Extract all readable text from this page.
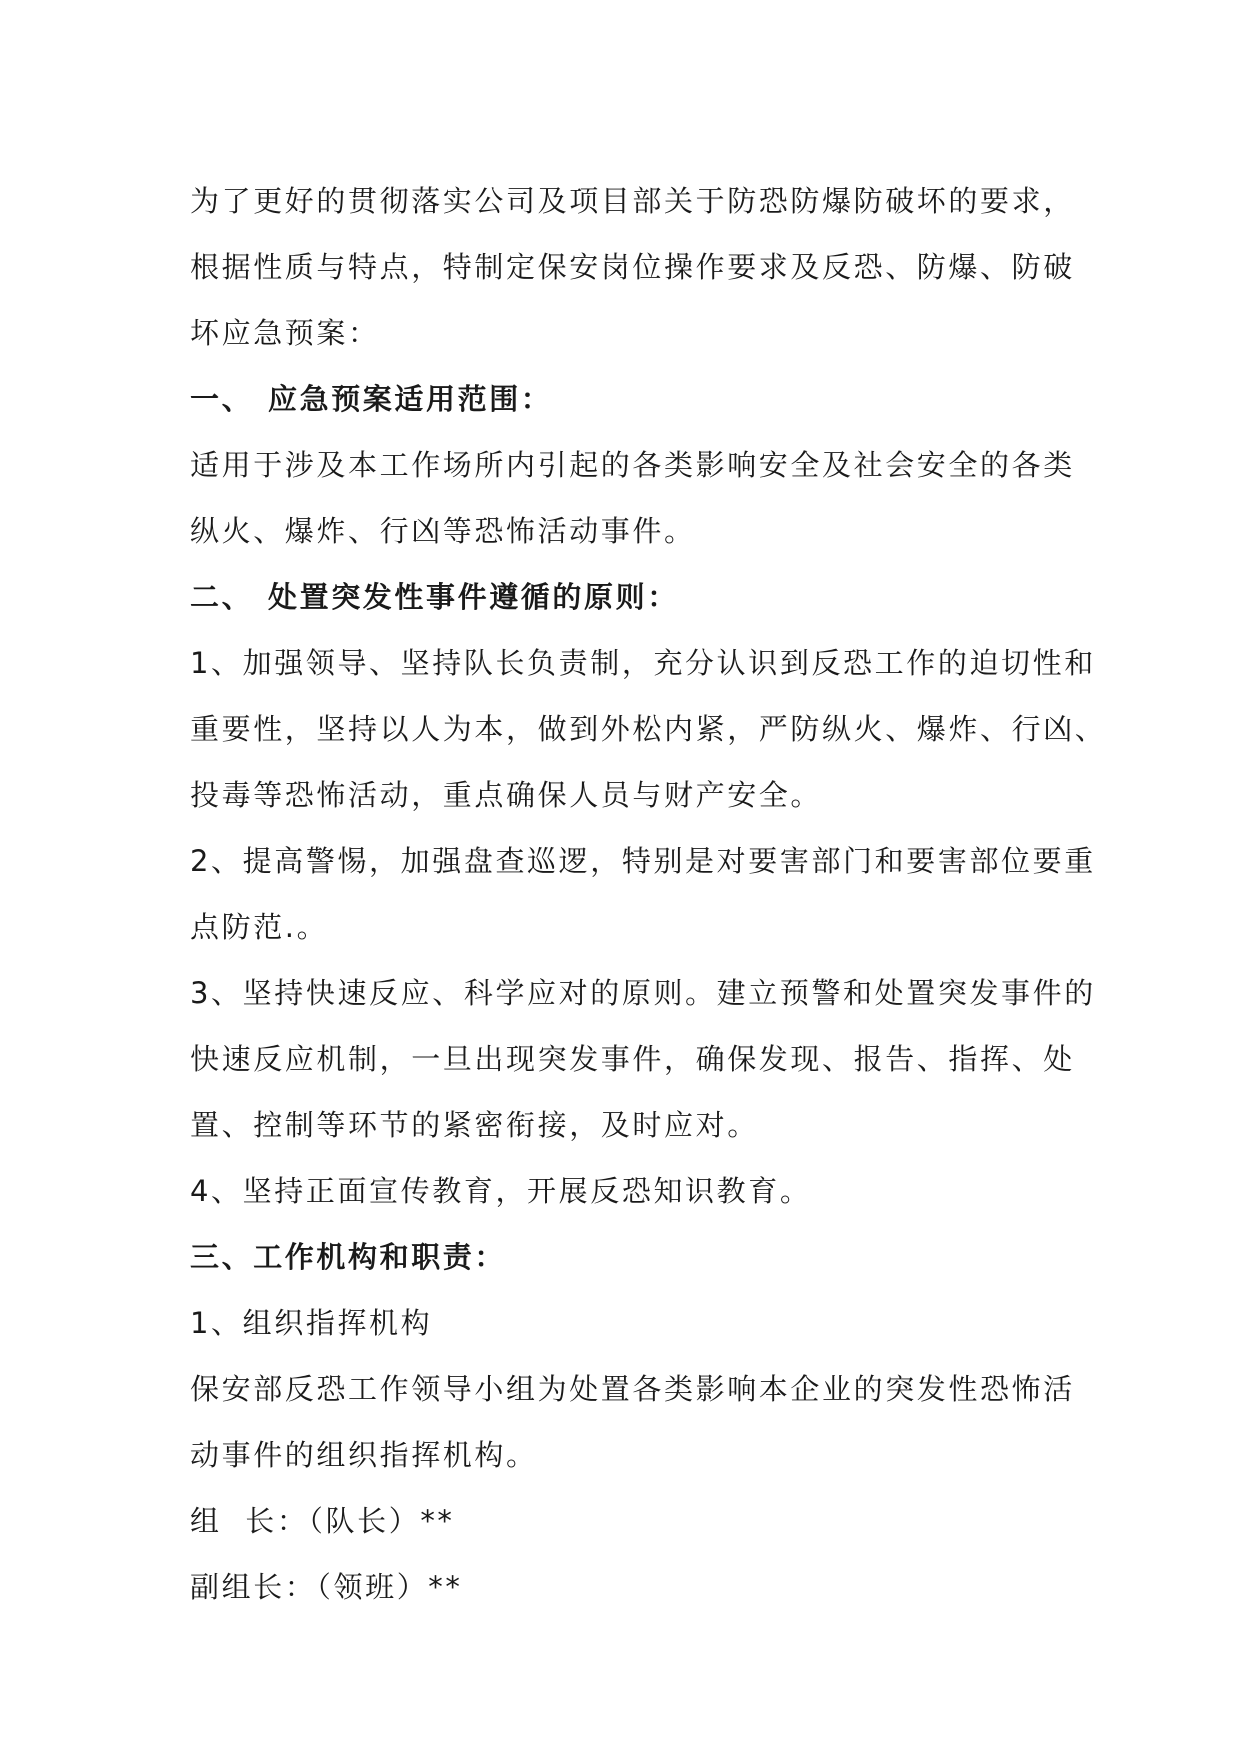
为了更好的贯彻落实公司及项目部关于防恐防爆防破坏的要求，
根据性质与特点，特制定保安岗位操作要求及反恐、防爆、防破
坏应急预案：
一、 应急预案适用范围：
适用于涉及本工作场所内引起的各类影响安全及社会安全的各类
纵火、爆炸、行凶等恐怖活动事件。
二、 处置突发性事件遵循的原则：
1、加强领导、坚持队长负责制，充分认识到反恐工作的迫切性和
重要性，坚持以人为本，做到外松内紧，严防纵火、爆炸、行凶、
投毒等恐怖活动，重点确保人员与财产安全。
2、提高警惕，加强盘查巡逻，特别是对要害部门和要害部位要重
点防范.。
3、坚持快速反应、科学应对的原则。建立预警和处置突发事件的
快速反应机制，一旦出现突发事件，确保发现、报告、指挥、处
置、控制等环节的紧密衔接，及时应对。
4、坚持正面宣传教育，开展反恐知识教育。
三、工作机构和职责：
1、组织指挥机构
保安部反恐工作领导小组为处置各类影响本企业的突发性恐怖活
动事件的组织指挥机构。
组  长：（队长）**
副组长：（领班）**
